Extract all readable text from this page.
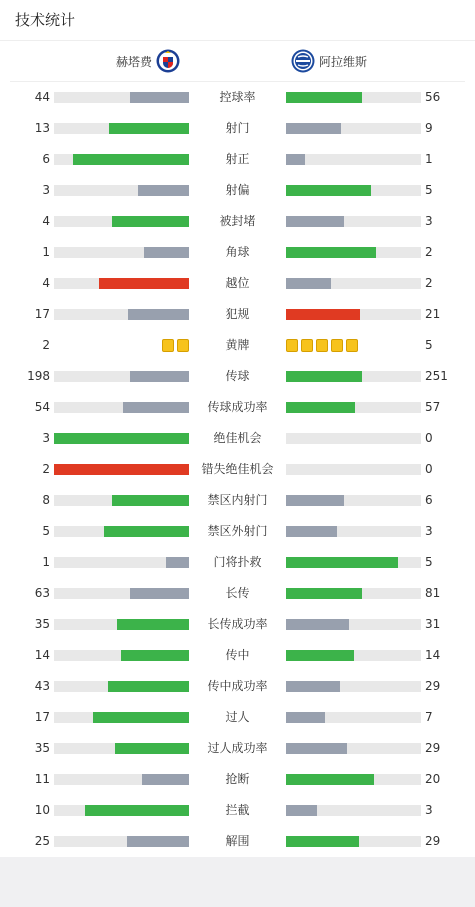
技术统计
赫塔费	阿拉维斯
44	控球率	56
13	射门	9
6	射正	1
3	射偏	5
4	被封堵	3
1	角球	2
4	越位	2
17	犯规	21
2	黄牌	5
198	传球	251
54	传球成功率	57
3	绝佳机会	0
2	错失绝佳机会	0
8	禁区内射门	6
5	禁区外射门	3
1	门将扑救	5
63	长传	81
35	长传成功率	31
14	传中	14
43	传中成功率	29
17	过人	7
35	过人成功率	29
11	抢断	20
10	拦截	3
25	解围	29
